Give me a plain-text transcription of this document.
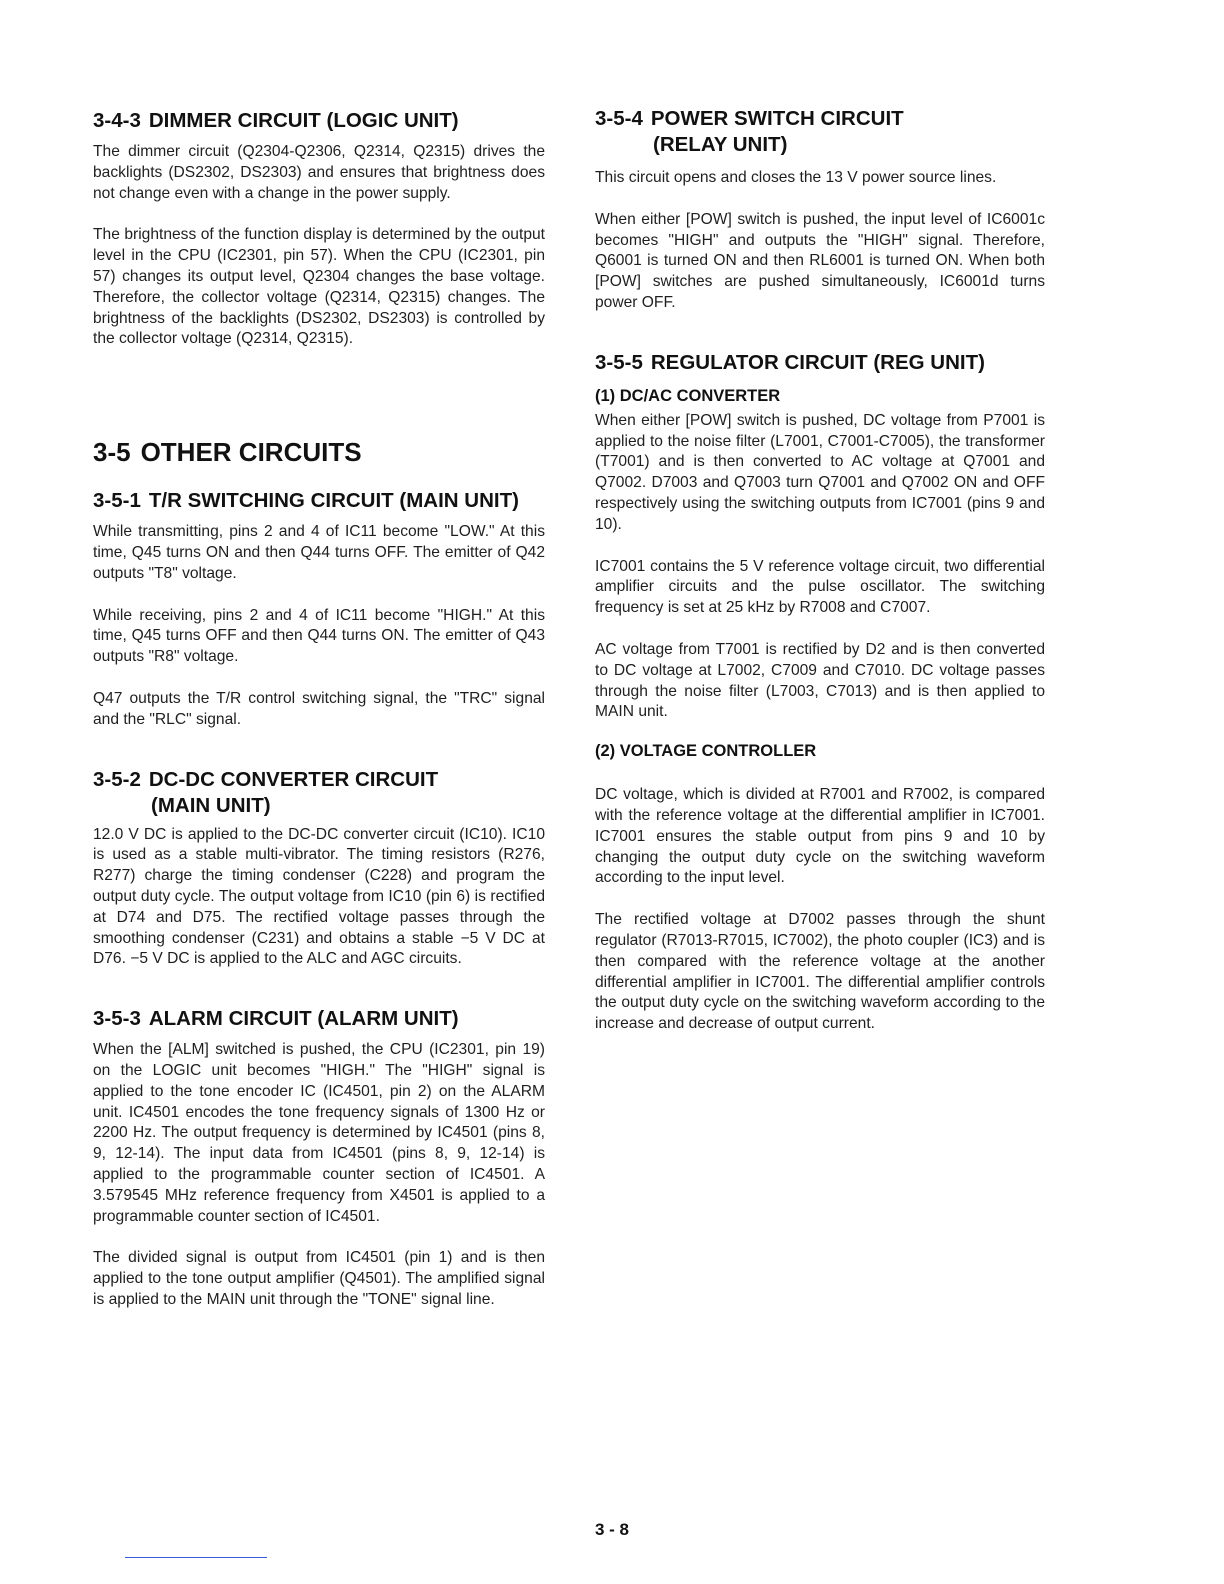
3-4-3 DIMMER CIRCUIT (LOGIC UNIT)

The dimmer circuit (Q2304-Q2306, Q2314, Q2315) drives the backlights (DS2302, DS2303) and ensures that brightness does not change even with a change in the power supply.

The brightness of the function display is determined by the output level in the CPU (IC2301, pin 57). When the CPU (IC2301, pin 57) changes its output level, Q2304 changes the base voltage. Therefore, the collector voltage (Q2314, Q2315) changes. The brightness of the backlights (DS2302, DS2303) is controlled by the collector voltage (Q2314, Q2315).

3-5 OTHER CIRCUITS
3-5-1 T/R SWITCHING CIRCUIT (MAIN UNIT)

While transmitting, pins 2 and 4 of IC11 become "LOW." At this time, Q45 turns ON and then Q44 turns OFF. The emitter of Q42 outputs "T8" voltage.

While receiving, pins 2 and 4 of IC11 become "HIGH." At this time, Q45 turns OFF and then Q44 turns ON. The emitter of Q43 outputs "R8" voltage.

Q47 outputs the T/R control switching signal, the "TRC" signal and the "RLC" signal.

3-5-2 DC-DC CONVERTER CIRCUIT
(MAIN UNIT)

12.0 V DC is applied to the DC-DC converter circuit (IC10). IC10 is used as a stable multi-vibrator. The timing resistors (R276, R277) charge the timing condenser (C228) and program the output duty cycle. The output voltage from IC10 (pin 6) is rectified at D74 and D75. The rectified voltage passes through the smoothing condenser (C231) and obtains a stable −5 V DC at D76. −5 V DC is applied to the ALC and AGC circuits.

3-5-3 ALARM CIRCUIT (ALARM UNIT)

When the [ALM] switched is pushed, the CPU (IC2301, pin 19) on the LOGIC unit becomes "HIGH." The "HIGH" signal is applied to the tone encoder IC (IC4501, pin 2) on the ALARM unit. IC4501 encodes the tone frequency signals of 1300 Hz or 2200 Hz. The output frequency is determined by IC4501 (pins 8, 9, 12-14). The input data from IC4501 (pins 8, 9, 12-14) is applied to the programmable counter section of IC4501. A 3.579545 MHz reference frequency from X4501 is applied to a programmable counter section of IC4501.

The divided signal is output from IC4501 (pin 1) and is then applied to the tone output amplifier (Q4501). The amplified signal is applied to the MAIN unit through the "TONE" signal line.

3-5-4 POWER SWITCH CIRCUIT
(RELAY UNIT)

This circuit opens and closes the 13 V power source lines.

When either [POW] switch is pushed, the input level of IC6001c becomes "HIGH" and outputs the "HIGH" signal. Therefore, Q6001 is turned ON and then RL6001 is turned ON. When both [POW] switches are pushed simultaneously, IC6001d turns power OFF.

3-5-5 REGULATOR CIRCUIT (REG UNIT)
(1) DC/AC CONVERTER

When either [POW] switch is pushed, DC voltage from P7001 is applied to the noise filter (L7001, C7001-C7005), the transformer (T7001) and is then converted to AC voltage at Q7001 and Q7002. D7003 and Q7003 turn Q7001 and Q7002 ON and OFF respectively using the switching outputs from IC7001 (pins 9 and 10).

IC7001 contains the 5 V reference voltage circuit, two differential amplifier circuits and the pulse oscillator. The switching frequency is set at 25 kHz by R7008 and C7007.

AC voltage from T7001 is rectified by D2 and is then converted to DC voltage at L7002, C7009 and C7010. DC voltage passes through the noise filter (L7003, C7013) and is then applied to MAIN unit.

(2) VOLTAGE CONTROLLER

DC voltage, which is divided at R7001 and R7002, is compared with the reference voltage at the differential amplifier in IC7001. IC7001 ensures the stable output from pins 9 and 10 by changing the output duty cycle on the switching waveform according to the input level.

The rectified voltage at D7002 passes through the shunt regulator (R7013-R7015, IC7002), the photo coupler (IC3) and is then compared with the reference voltage at the another differential amplifier in IC7001. The differential amplifier controls the output duty cycle on the switching waveform according to the increase and decrease of output current.

3 - 8
